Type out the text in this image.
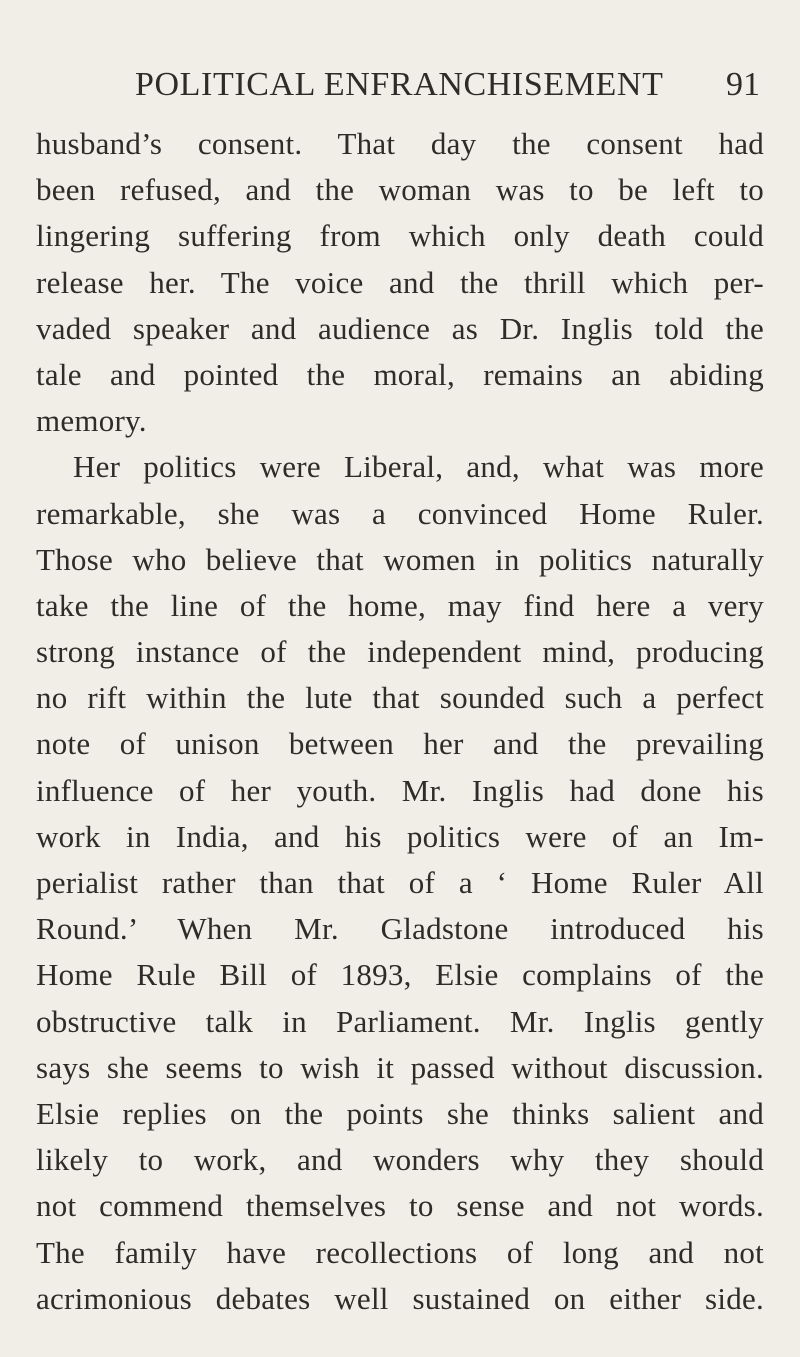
POLITICAL ENFRANCHISEMENT 91
husband’s consent. That day the consent had
been refused, and the woman was to be left to
lingering suffering from which only death could
release her. The voice and the thrill which per-
vaded speaker and audience as Dr. Inglis told the
tale and pointed the moral, remains an abiding
memory.
Her politics were Liberal, and, what was more
remarkable, she was a convinced Home Ruler.
Those who believe that women in politics naturally
take the line of the home, may find here a very
strong instance of the independent mind, producing
no rift within the lute that sounded such a perfect
note of unison between her and the prevailing
influence of her youth. Mr. Inglis had done his
work in India, and his politics were of an Im-
perialist rather than that of a ‘ Home Ruler All
Round.’ When Mr. Gladstone introduced his
Home Rule Bill of 1893, Elsie complains of the
obstructive talk in Parliament. Mr. Inglis gently
says she seems to wish it passed without discussion.
Elsie replies on the points she thinks salient and
likely to work, and wonders why they should
not commend themselves to sense and not words.
The family have recollections of long and not
acrimonious debates well sustained on either side.
